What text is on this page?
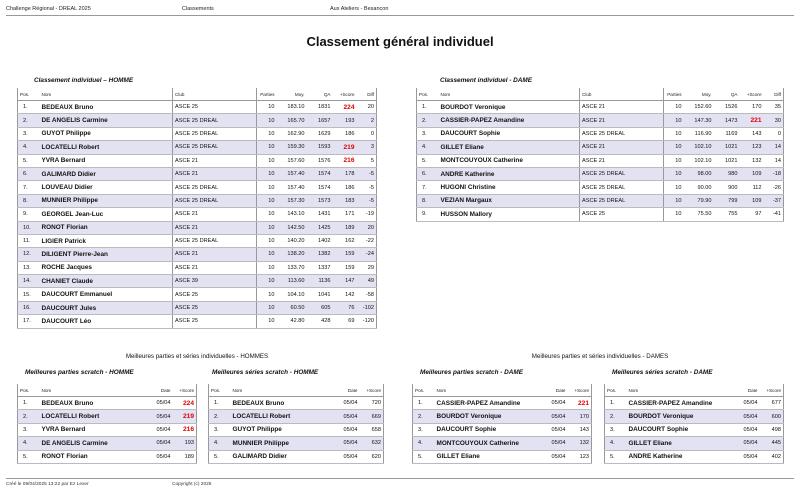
Challenge Régional - DREAL 2025	Classements	Aux Ateliers - Besancon
Classement général individuel
Classement individuel – HOMME
Pos.	Nom	Club	Parties	Moy.	QA	+Score	Diff
1.	BEDEAUX Bruno	ASCE 25	10	183.10	1831	224	20
2.	DE ANGELIS Carmine	ASCE 25 DREAL	10	165.70	1657	193	2
3.	GUYOT Philippe	ASCE 25 DREAL	10	162.90	1629	186	0
4.	LOCATELLI Robert	ASCE 25 DREAL	10	159.30	1593	219	3
5.	YVRA Bernard	ASCE 21	10	157.60	1576	216	5
6.	GALIMARD Didier	ASCE 21	10	157.40	1574	178	-5
7.	LOUVEAU Didier	ASCE 25 DREAL	10	157.40	1574	186	-5
8.	MUNNIER Philippe	ASCE 25 DREAL	10	157.30	1573	183	-5
9.	GEORGEL Jean-Luc	ASCE 21	10	143.10	1431	171	-19
10.	RONOT Florian	ASCE 21	10	142.50	1425	189	20
11.	LIGIER Patrick	ASCE 25 DREAL	10	140.20	1402	162	-22
12.	DILIGENT Pierre-Jean	ASCE 21	10	138.20	1382	159	-24
13.	ROCHE Jacques	ASCE 21	10	133.70	1337	159	29
14.	CHANIET Claude	ASCE 39	10	113.60	1136	147	49
15.	DAUCOURT Emmanuel	ASCE 25	10	104.10	1041	142	-58
16.	DAUCOURT Jules	ASCE 25	10	60.50	605	76	-102
17.	DAUCOURT Léo	ASCE 25	10	42.80	428	69	-120
Classement individuel - DAME
Pos.	Nom	Club	Parties	Moy.	QA	+Score	Diff
1.	BOURDOT Veronique	ASCE 21	10	152.60	1526	170	35
2.	CASSIER-PAPEZ Amandine	ASCE 21	10	147.30	1473	221	30
3.	DAUCOURT Sophie	ASCE 25 DREAL	10	116.90	1169	143	0
4.	GILLET Eliane	ASCE 21	10	102.10	1021	123	14
5.	MONTCOUYOUX Catherine	ASCE 21	10	102.10	1021	132	14
6.	ANDRE Katherine	ASCE 25 DREAL	10	98.00	980	109	-18
7.	HUGONI Christine	ASCE 25 DREAL	10	90.00	900	112	-26
8.	VEZIAN Margaux	ASCE 25 DREAL	10	79.90	799	109	-37
9.	HUSSON Mallory	ASCE 25	10	75.50	755	97	-41
Meilleures parties et séries individuelles - HOMMES	Meilleures parties et séries individuelles - DAMES
Meilleures parties scratch - HOMME
Pos.	Nom	Date	+Score
1.	BEDEAUX Bruno	05/04	224
2.	LOCATELLI Robert	05/04	219
3.	YVRA Bernard	05/04	216
4.	DE ANGELIS Carmine	05/04	193
5.	RONOT Florian	05/04	189
Meilleures séries scratch - HOMME
Pos.	Nom	Date	+Score
1.	BEDEAUX Bruno	05/04	720
2.	LOCATELLI Robert	05/04	669
3.	GUYOT Philippe	05/04	658
4.	MUNNIER Philippe	05/04	632
5.	GALIMARD Didier	05/04	620
Meilleures parties scratch - DAME
Pos.	Nom	Date	+Score
1.	CASSIER-PAPEZ Amandine	05/04	221
2.	BOURDOT Veronique	05/04	170
3.	DAUCOURT Sophie	05/04	143
4.	MONTCOUYOUX Catherine	05/04	132
5.	GILLET Eliane	05/04	123
Meilleures séries scratch - DAME
Pos.	Nom	Date	+Score
1.	CASSIER-PAPEZ Amandine	05/04	677
2.	BOURDOT Veronique	05/04	600
3.	DAUCOURT Sophie	05/04	498
4.	GILLET Eliane	05/04	445
5.	ANDRE Katherine	05/04	402
Créé le 08/04/2025 13:22 par Ez Lexer	Copyright (c) 2025
